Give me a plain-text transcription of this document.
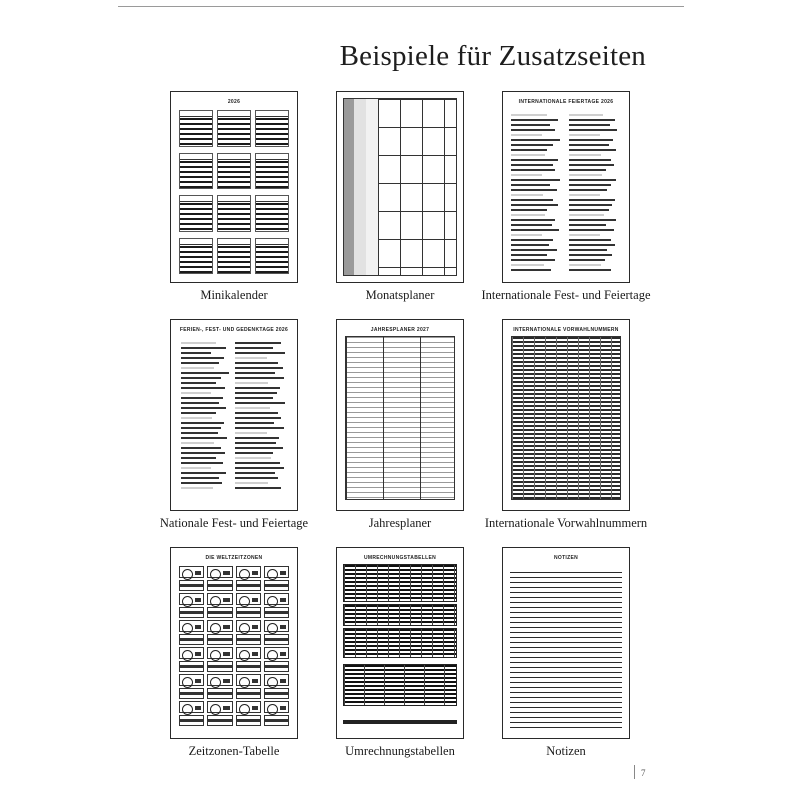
Beispiele für Zusatzseiten
2026
Minikalender	Monatsplaner
INTERNATIONALE FEIERTAGE 2026
Internationale Fest- und Feiertage
FERIEN-, FEST- UND GEDENKTAGE 2026
Nationale Fest- und Feiertage
JAHRESPLANER 2027
Jahresplaner
INTERNATIONALE VORWAHLNUMMERN
Internationale Vorwahlnummern
DIE WELTZEITZONEN
Zeitzonen-Tabelle
UMRECHNUNGSTABELLEN
Umrechnungstabellen
NOTIZEN
Notizen
7
